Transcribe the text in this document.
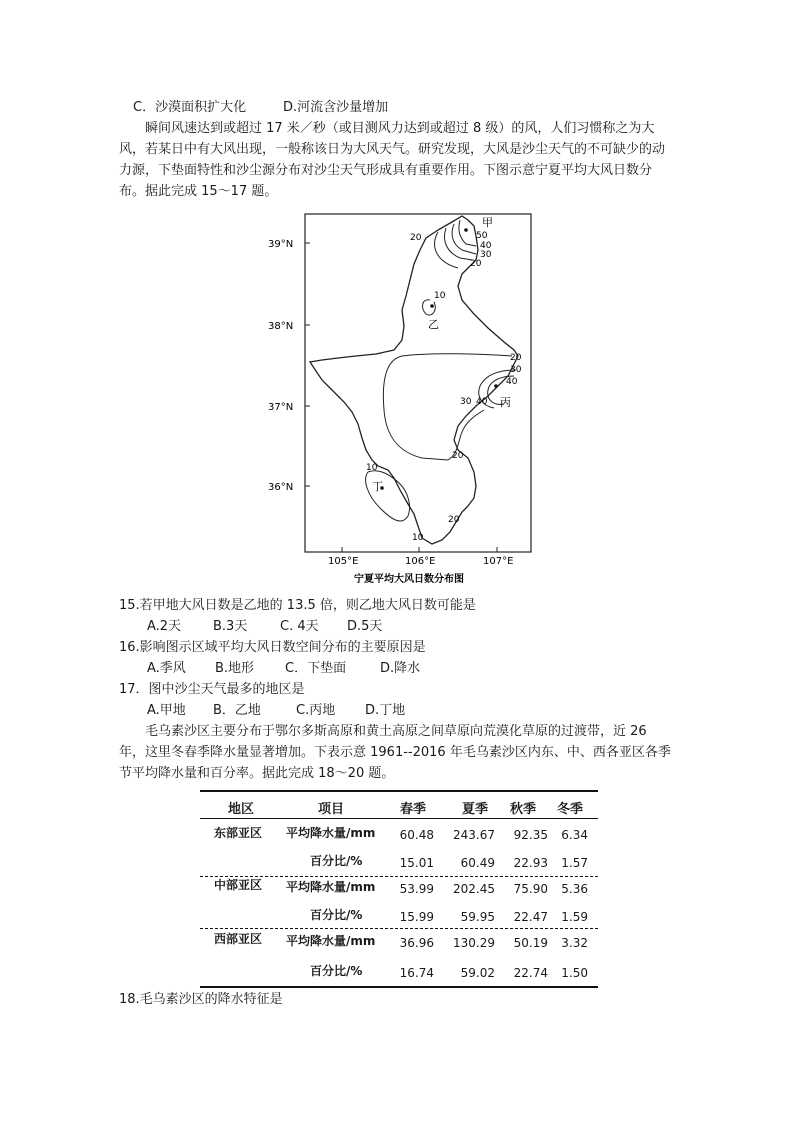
C．沙漠面积扩大化	D.河流含沙量增加

瞬间风速达到或超过 17 米／秒（或目测风力达到或超过 8 级）的风，人们习惯称之为大风，若某日中有大风出现，一般称该日为大风天气。研究发现，大风是沙尘天气的不可缺少的动力源，下垫面特性和沙尘源分布对沙尘天气形成具有重要作用。下图示意宁夏平均大风日数分布。据此完成 15～17 题。

39°N
38°N
37°N
36°N
105°E	106°E	107°E
甲
乙
丙
丁
50
40
30
20
20
10
20
30
40
40
30
20
10
20
10
宁夏平均大风日数分布图
15.若甲地大风日数是乙地的 13.5 倍，则乙地大风日数可能是
A.2天 B.3天	C. 4天 D.5天
16.影响图示区域平均大风日数空间分布的主要原因是
A.季风 B.地形 C．下垫面	D.降水
17．图中沙尘天气最多的地区是
A.甲地 B．乙地	C.丙地 D.丁地

毛乌素沙区主要分布于鄂尔多斯高原和黄土高原之间草原向荒漠化草原的过渡带，近 26 年，这里冬春季降水量显著增加。下表示意 1961--2016 年毛乌素沙区内东、中、西各亚区各季节平均降水量和百分率。据此完成 18～20 题。

地区	项目	春季	夏季 秋季 冬季
东部亚区 平均降水量/mm	60.48	243.67	92.35	6.34
百分比/%	15.01	60.49	22.93	1.57
中部亚区 平均降水量/mm	53.99	202.45	75.90	5.36
百分比/%	15.99	59.95	22.47	1.59
西部亚区 平均降水量/mm	36.96	130.29	50.19	3.32
百分比/%	16.74	59.02	22.74	1.50
18.毛乌素沙区的降水特征是
